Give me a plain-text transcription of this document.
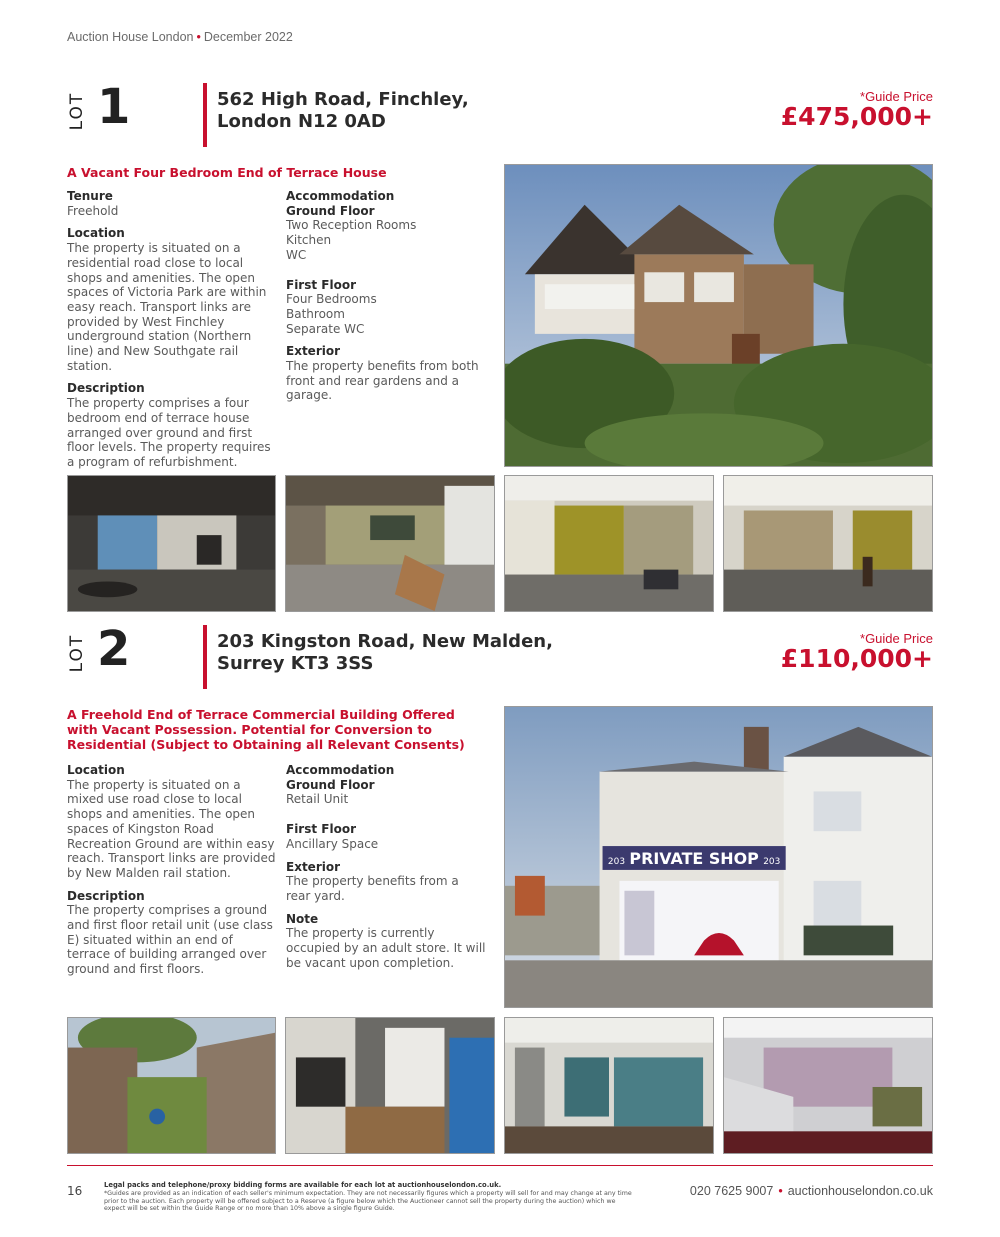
Auction House London • December 2022
LOT 1	562 High Road, Finchley,
London N12 0AD
*Guide Price
£475,000+
A Vacant Four Bedroom End of Terrace House
Tenure

Freehold

Location

The property is situated on a residential road close to local shops and amenities. The open spaces of Victoria Park are within easy reach. Transport links are provided by West Finchley underground station (Northern line) and New Southgate rail station.

Description

The property comprises a four bedroom end of terrace house arranged over ground and first floor levels. The property requires a program of refurbishment.

Accommodation
Ground Floor

Two Reception Rooms

Kitchen

WC

First Floor

Four Bedrooms

Bathroom

Separate WC

Exterior

The property benefits from both front and rear gardens and a garage.

LOT 2	203 Kingston Road, New Malden,
Surrey KT3 3SS
*Guide Price
£110,000+
A Freehold End of Terrace Commercial Building Offered with Vacant Possession. Potential for Conversion to Residential (Subject to Obtaining all Relevant Consents)
Location

The property is situated on a mixed use road close to local shops and amenities. The open spaces of Kingston Road Recreation Ground are within easy reach. Transport links are provided by New Malden rail station.

Description

The property comprises a ground and first floor retail unit (use class E) situated within an end of terrace of building arranged over ground and first floors.

Accommodation
Ground Floor

Retail Unit

First Floor

Ancillary Space

Exterior

The property benefits from a rear yard.

Note

The property is currently occupied by an adult store. It will be vacant upon completion.

PRIVATE SHOP
203	203
16	Legal packs and telephone/proxy bidding forms are available for each lot at auctionhouselondon.co.uk.
*Guides are provided as an indication of each seller's minimum expectation. They are not necessarily figures which a property will sell for and may change at any time prior to the auction. Each property will be offered subject to a Reserve (a figure below which the Auctioneer cannot sell the property during the auction) which we expect will be set within the Guide Range or no more than 10% above a single figure Guide.
020 7625 9007 • auctionhouselondon.co.uk
